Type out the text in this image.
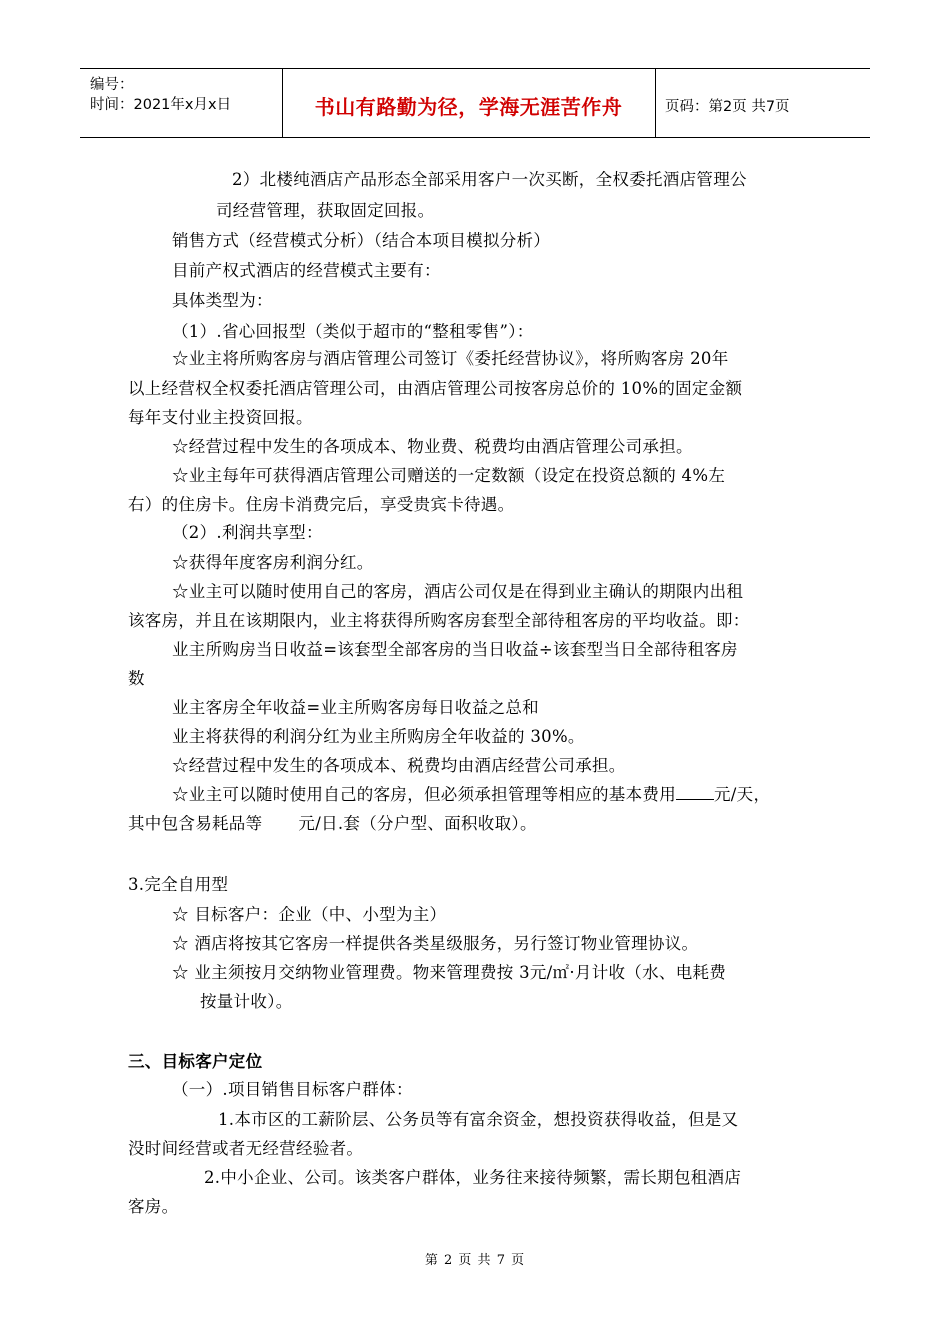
编号：
时间：2021年x月x日	书山有路勤为径，学海无涯苦作舟	页码：第2页 共7页
2）北楼纯酒店产品形态全部采用客户一次买断，全权委托酒店管理公
司经营管理，获取固定回报。
销售方式（经营模式分析）（结合本项目模拟分析）
目前产权式酒店的经营模式主要有：
具体类型为：
（1）.省心回报型（类似于超市的“整租零售”）：
☆业主将所购客房与酒店管理公司签订《委托经营协议》，将所购客房 20年
以上经营权全权委托酒店管理公司，由酒店管理公司按客房总价的 10%的固定金额
每年支付业主投资回报。
☆经营过程中发生的各项成本、物业费、税费均由酒店管理公司承担。
☆业主每年可获得酒店管理公司赠送的一定数额（设定在投资总额的 4%左
右）的住房卡。住房卡消费完后，享受贵宾卡待遇。
（2）.利润共享型：
☆获得年度客房利润分红。
☆业主可以随时使用自己的客房，酒店公司仅是在得到业主确认的期限内出租
该客房，并且在该期限内，业主将获得所购客房套型全部待租客房的平均收益。即：
业主所购房当日收益=该套型全部客房的当日收益÷该套型当日全部待租客房
数
业主客房全年收益=业主所购客房每日收益之总和
业主将获得的利润分红为业主所购房全年收益的 30%。
☆经营过程中发生的各项成本、税费均由酒店经营公司承担。
☆业主可以随时使用自己的客房，但必须承担管理等相应的基本费用 元/天，
其中包含易耗品等 元/日.套（分户型、面积收取）。
3.完全自用型
☆ 目标客户：企业（中、小型为主）
☆ 酒店将按其它客房一样提供各类星级服务，另行签订物业管理协议。
☆ 业主须按月交纳物业管理费。物来管理费按 3元/㎡·月计收（水、电耗费
按量计收）。
三、目标客户定位
（一）.项目销售目标客户群体：
1.本市区的工薪阶层、公务员等有富余资金，想投资获得收益，但是又
没时间经营或者无经营经验者。
2.中小企业、公司。该类客户群体，业务往来接待频繁，需长期包租酒店
客房。
第 2 页 共 7 页
